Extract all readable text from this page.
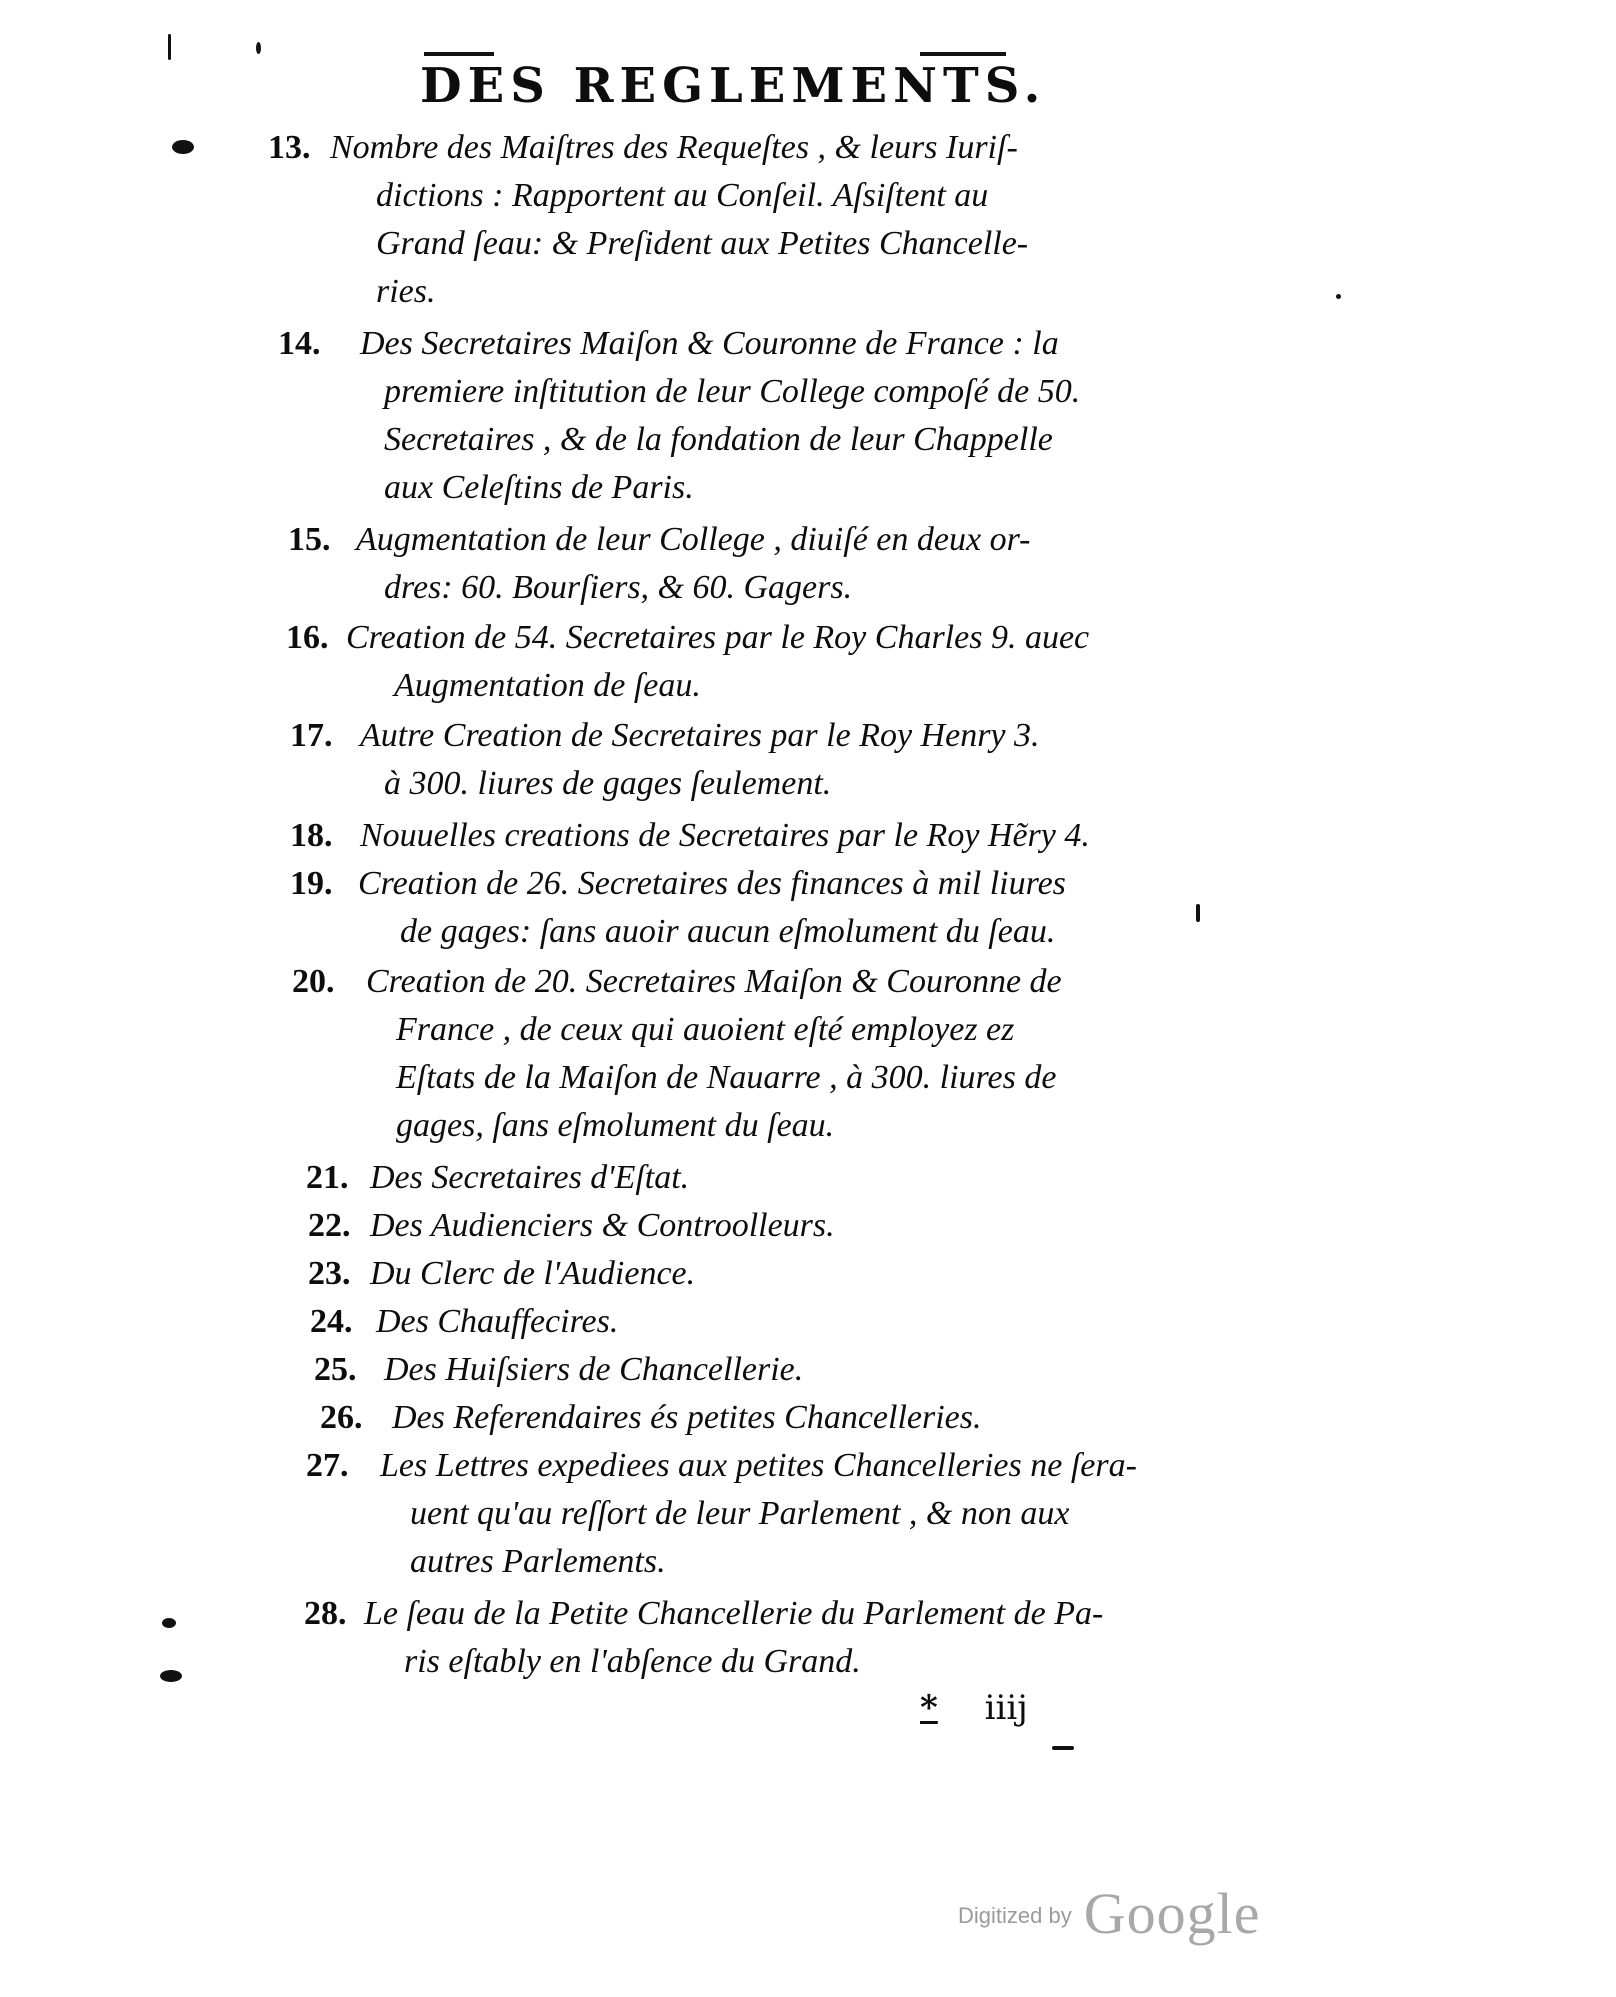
DES REGLEMENTS.
13. Nombre des Maiſtres des Requeſtes , & leurs Iuriſ-
dictions : Rapportent au Conſeil. Aſsiſtent au
Grand ſeau: & Preſident aux Petites Chancelle-
ries.
14. Des Secretaires Maiſon & Couronne de France : la
premiere inſtitution de leur College compoſé de 50.
Secretaires , & de la fondation de leur Chappelle
aux Celeſtins de Paris.
15. Augmentation de leur College , diuiſé en deux or-
dres: 60. Bourſiers, & 60. Gagers.
16. Creation de 54. Secretaires par le Roy Charles 9. auec
Augmentation de ſeau.
17. Autre Creation de Secretaires par le Roy Henry 3.
à 300. liures de gages ſeulement.
18. Nouuelles creations de Secretaires par le Roy Hẽry 4.
19. Creation de 26. Secretaires des finances à mil liures
de gages: ſans auoir aucun eſmolument du ſeau.
20. Creation de 20. Secretaires Maiſon & Couronne de
France , de ceux qui auoient eſté employez ez
Eſtats de la Maiſon de Nauarre , à 300. liures de
gages, ſans eſmolument du ſeau.
21. Des Secretaires d'Eſtat.
22. Des Audienciers & Controolleurs.
23. Du Clerc de l'Audience.
24. Des Chauffecires.
25. Des Huiſsiers de Chancellerie.
26. Des Referendaires és petites Chancelleries.
27. Les Lettres expediees aux petites Chancelleries ne ſera-
uent qu'au reſſort de leur Parlement , & non aux
autres Parlements.
28. Le ſeau de la Petite Chancellerie du Parlement de Pa-
ris eſtably en l'abſence du Grand.
* iiij
Digitized by Google
